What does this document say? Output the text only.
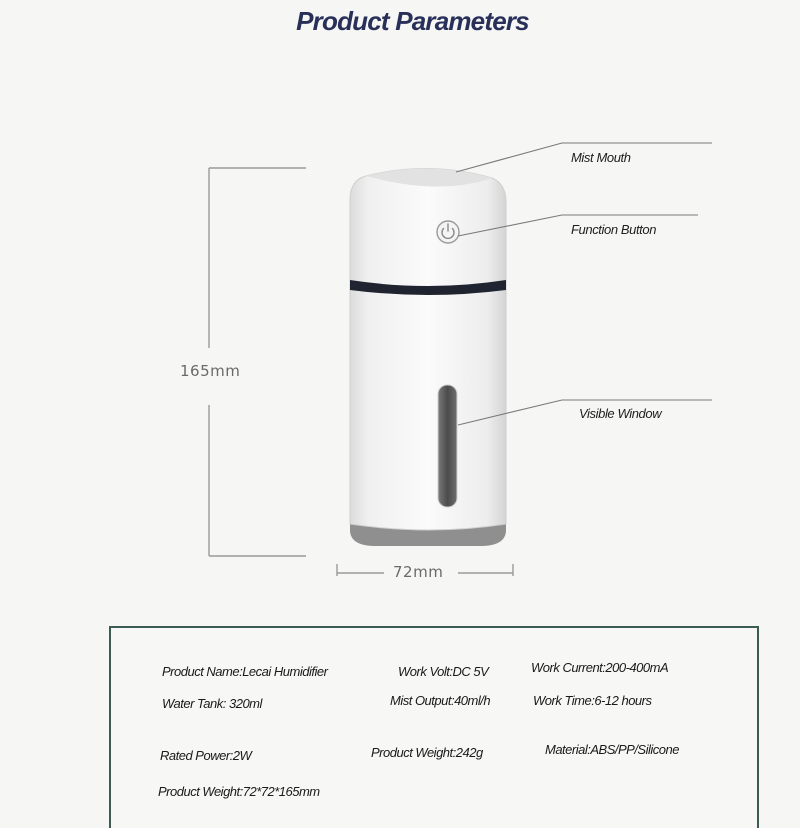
Product Parameters
165mm
72mm
Mist Mouth
Function Button
Visible Window
Product Name:Lecai Humidifier	Work Volt:DC 5V	Work Current:200-400mA
Water Tank: 320ml	Mist Output:40ml/h	Work Time:6-12 hours
Rated Power:2W	Product Weight:242g	Material:ABS/PP/Silicone
Product Weight:72*72*165mm
